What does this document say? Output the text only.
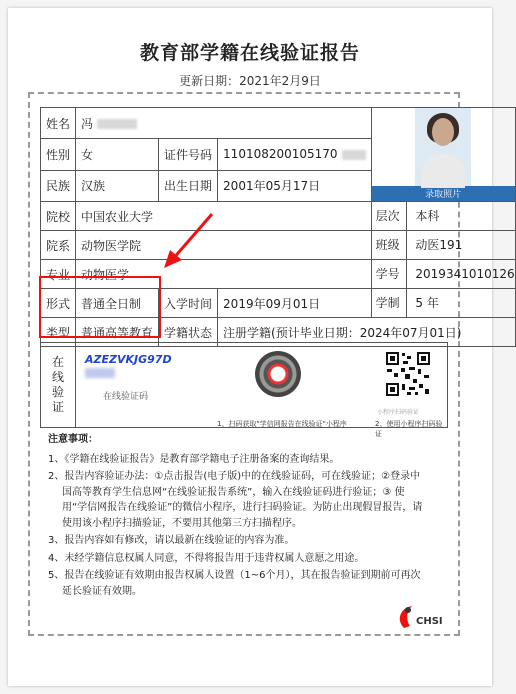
教育部学籍在线验证报告
更新日期：2021年2月9日
姓名	冯			录取照片

性别	女	证件号码	110108200105170	
民族	汉族	出生日期	2001年05月17日	
院校	中国农业大学			层次 本科
院系	动物医学院			班级 动医191
专业	动物医学			学号 2019341010126
形式	普通全日制	入学时间	2019年09月01日	学制 5 年
类型	普通高等教育	学籍状态	注册学籍(预计毕业日期：2024年07月01日)	
在
线
验
证
AZEZVKJG97D
在线验证码
1、扫码获取"学信网报告在线验证"小程序
小程序扫码验证
2、使用小程序扫码验证
注意事项：

1、《学籍在线验证报告》是教育部学籍电子注册备案的查询结果。

2、报告内容验证办法：①点击报告(电子版)中的在线验证码，可在线验证；②登录中国高等教育学生信息网“在线验证报告系统”，输入在线验证码进行验证；③ 使用“学信网报告在线验证”的微信小程序，进行扫码验证。为防止出现假冒报告，请使用该小程序扫描验证，不要用其他第三方扫描程序。

3、报告内容如有修改，请以最新在线验证的内容为准。

4、未经学籍信息权属人同意，不得将报告用于违背权属人意愿之用途。

5、报告在线验证有效期由报告权属人设置（1~6个月），其在报告验证到期前可再次延长验证有效期。

CHSI
